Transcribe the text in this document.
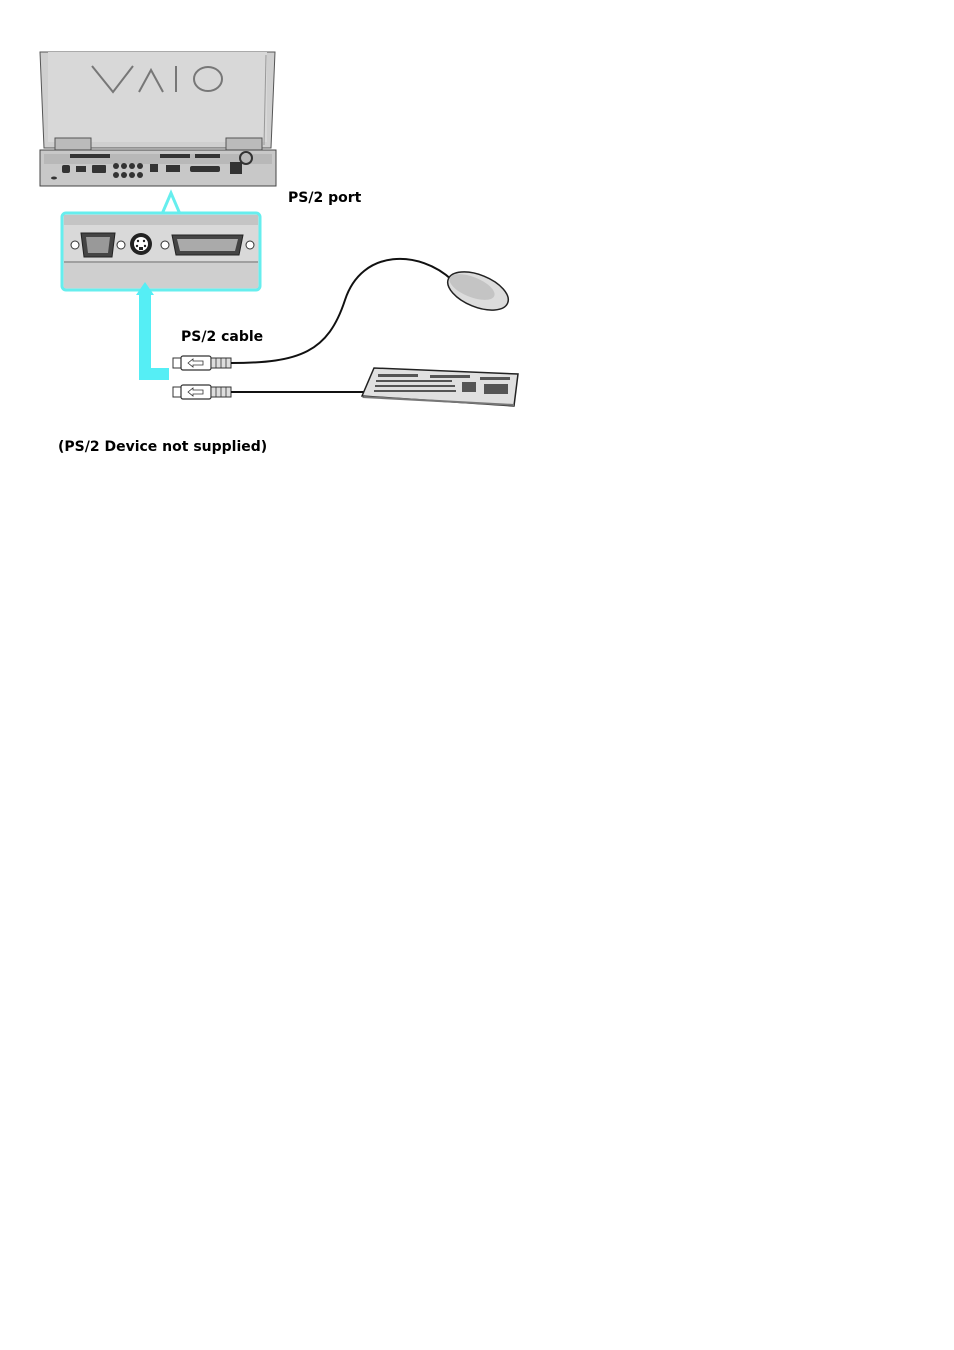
PS/2 port
PS/2 cable
(PS/2 Device not supplied)
